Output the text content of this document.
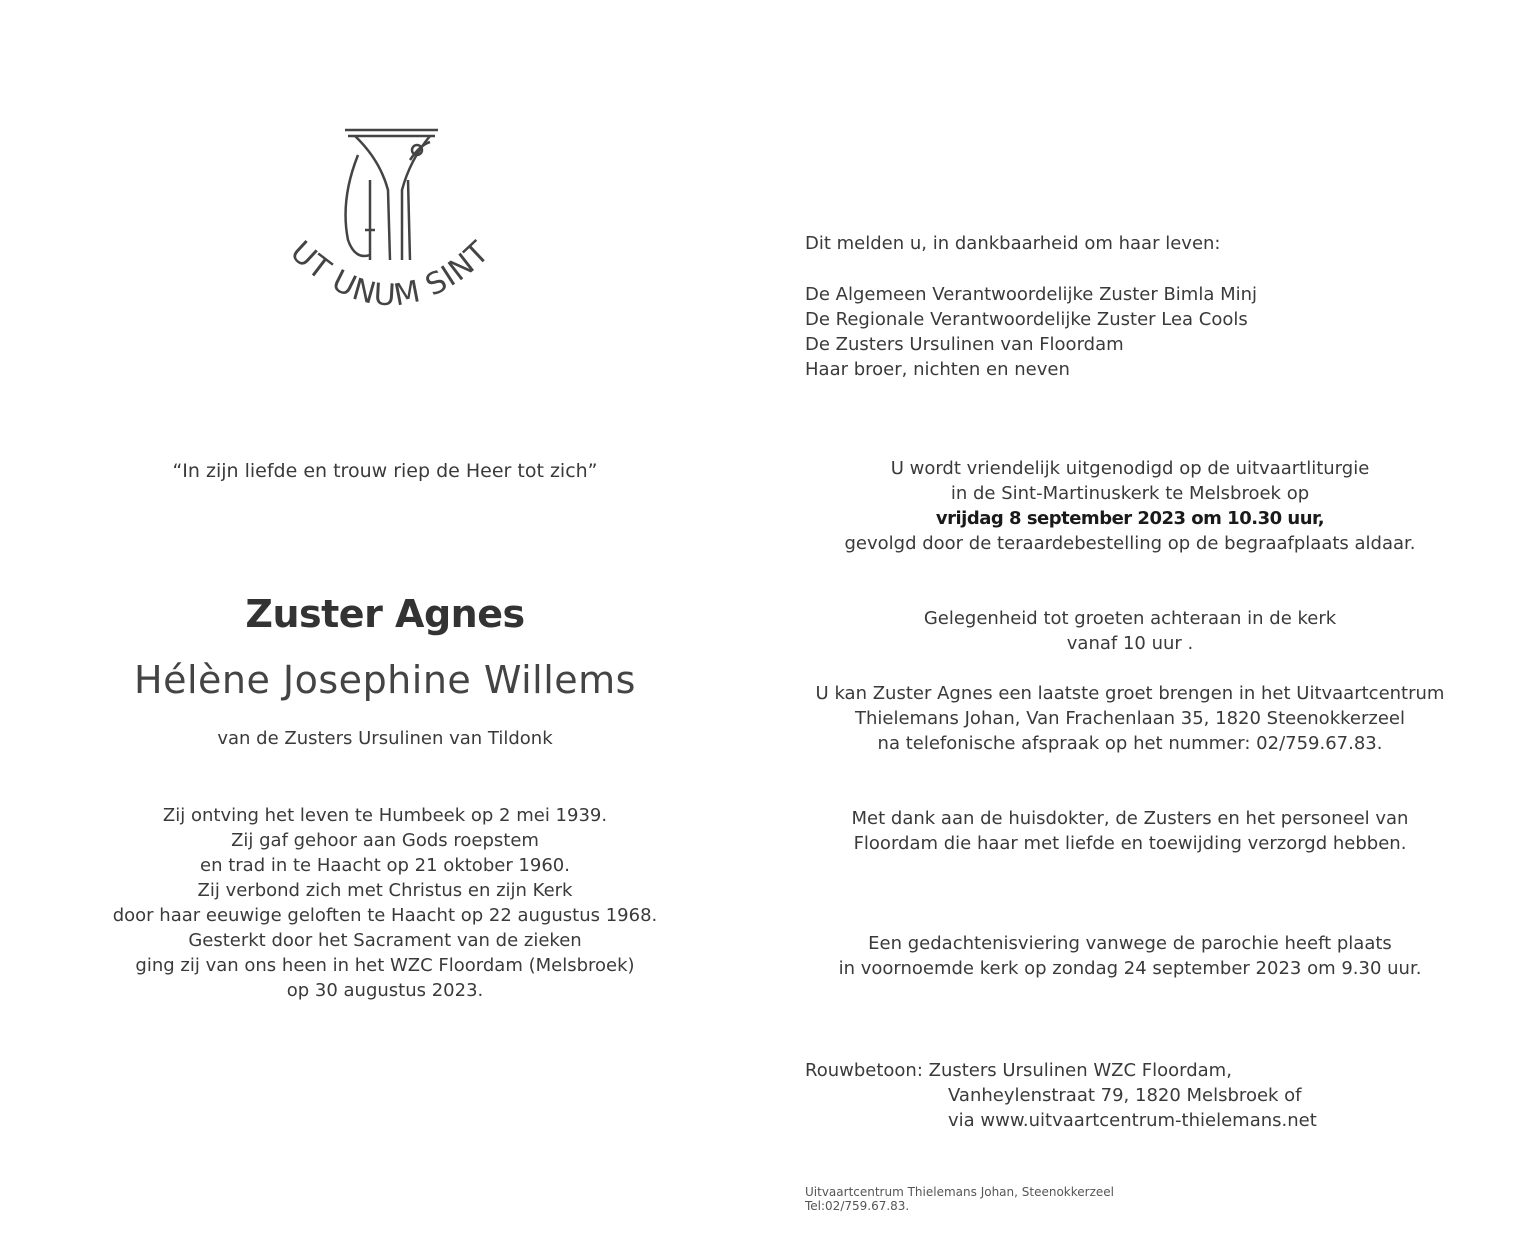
UT UNUM SINT
“In zijn liefde en trouw riep de Heer tot zich”
Zuster Agnes
Hélène Josephine Willems
van de Zusters Ursulinen van Tildonk
Zij ontving het leven te Humbeek op 2 mei 1939.
Zij gaf gehoor aan Gods roepstem
en trad in te Haacht op 21 oktober 1960.
Zij verbond zich met Christus en zijn Kerk
door haar eeuwige geloften te Haacht op 22 augustus 1968.
Gesterkt door het Sacrament van de zieken
ging zij van ons heen in het WZC Floordam (Melsbroek)
op 30 augustus 2023.
Dit melden u, in dankbaarheid om haar leven:
De Algemeen Verantwoordelijke Zuster Bimla Minj
De Regionale Verantwoordelijke Zuster Lea Cools
De Zusters Ursulinen van Floordam
Haar broer, nichten en neven
U wordt vriendelijk uitgenodigd op de uitvaartliturgie
in de Sint-Martinuskerk te Melsbroek op
vrijdag 8 september 2023 om 10.30 uur,
gevolgd door de teraardebestelling op de begraafplaats aldaar.
Gelegenheid tot groeten achteraan in de kerk
vanaf 10 uur .
U kan Zuster Agnes een laatste groet brengen in het Uitvaartcentrum
Thielemans Johan, Van Frachenlaan 35, 1820 Steenokkerzeel
na telefonische afspraak op het nummer: 02/759.67.83.
Met dank aan de huisdokter, de Zusters en het personeel van
Floordam die haar met liefde en toewijding verzorgd hebben.
Een gedachtenisviering vanwege de parochie heeft plaats
in voornoemde kerk op zondag 24 september 2023 om 9.30 uur.
Rouwbetoon: Zusters Ursulinen WZC Floordam,
Vanheylenstraat 79, 1820 Melsbroek of
via www.uitvaartcentrum-thielemans.net
Uitvaartcentrum Thielemans Johan, Steenokkerzeel
Tel:02/759.67.83.
